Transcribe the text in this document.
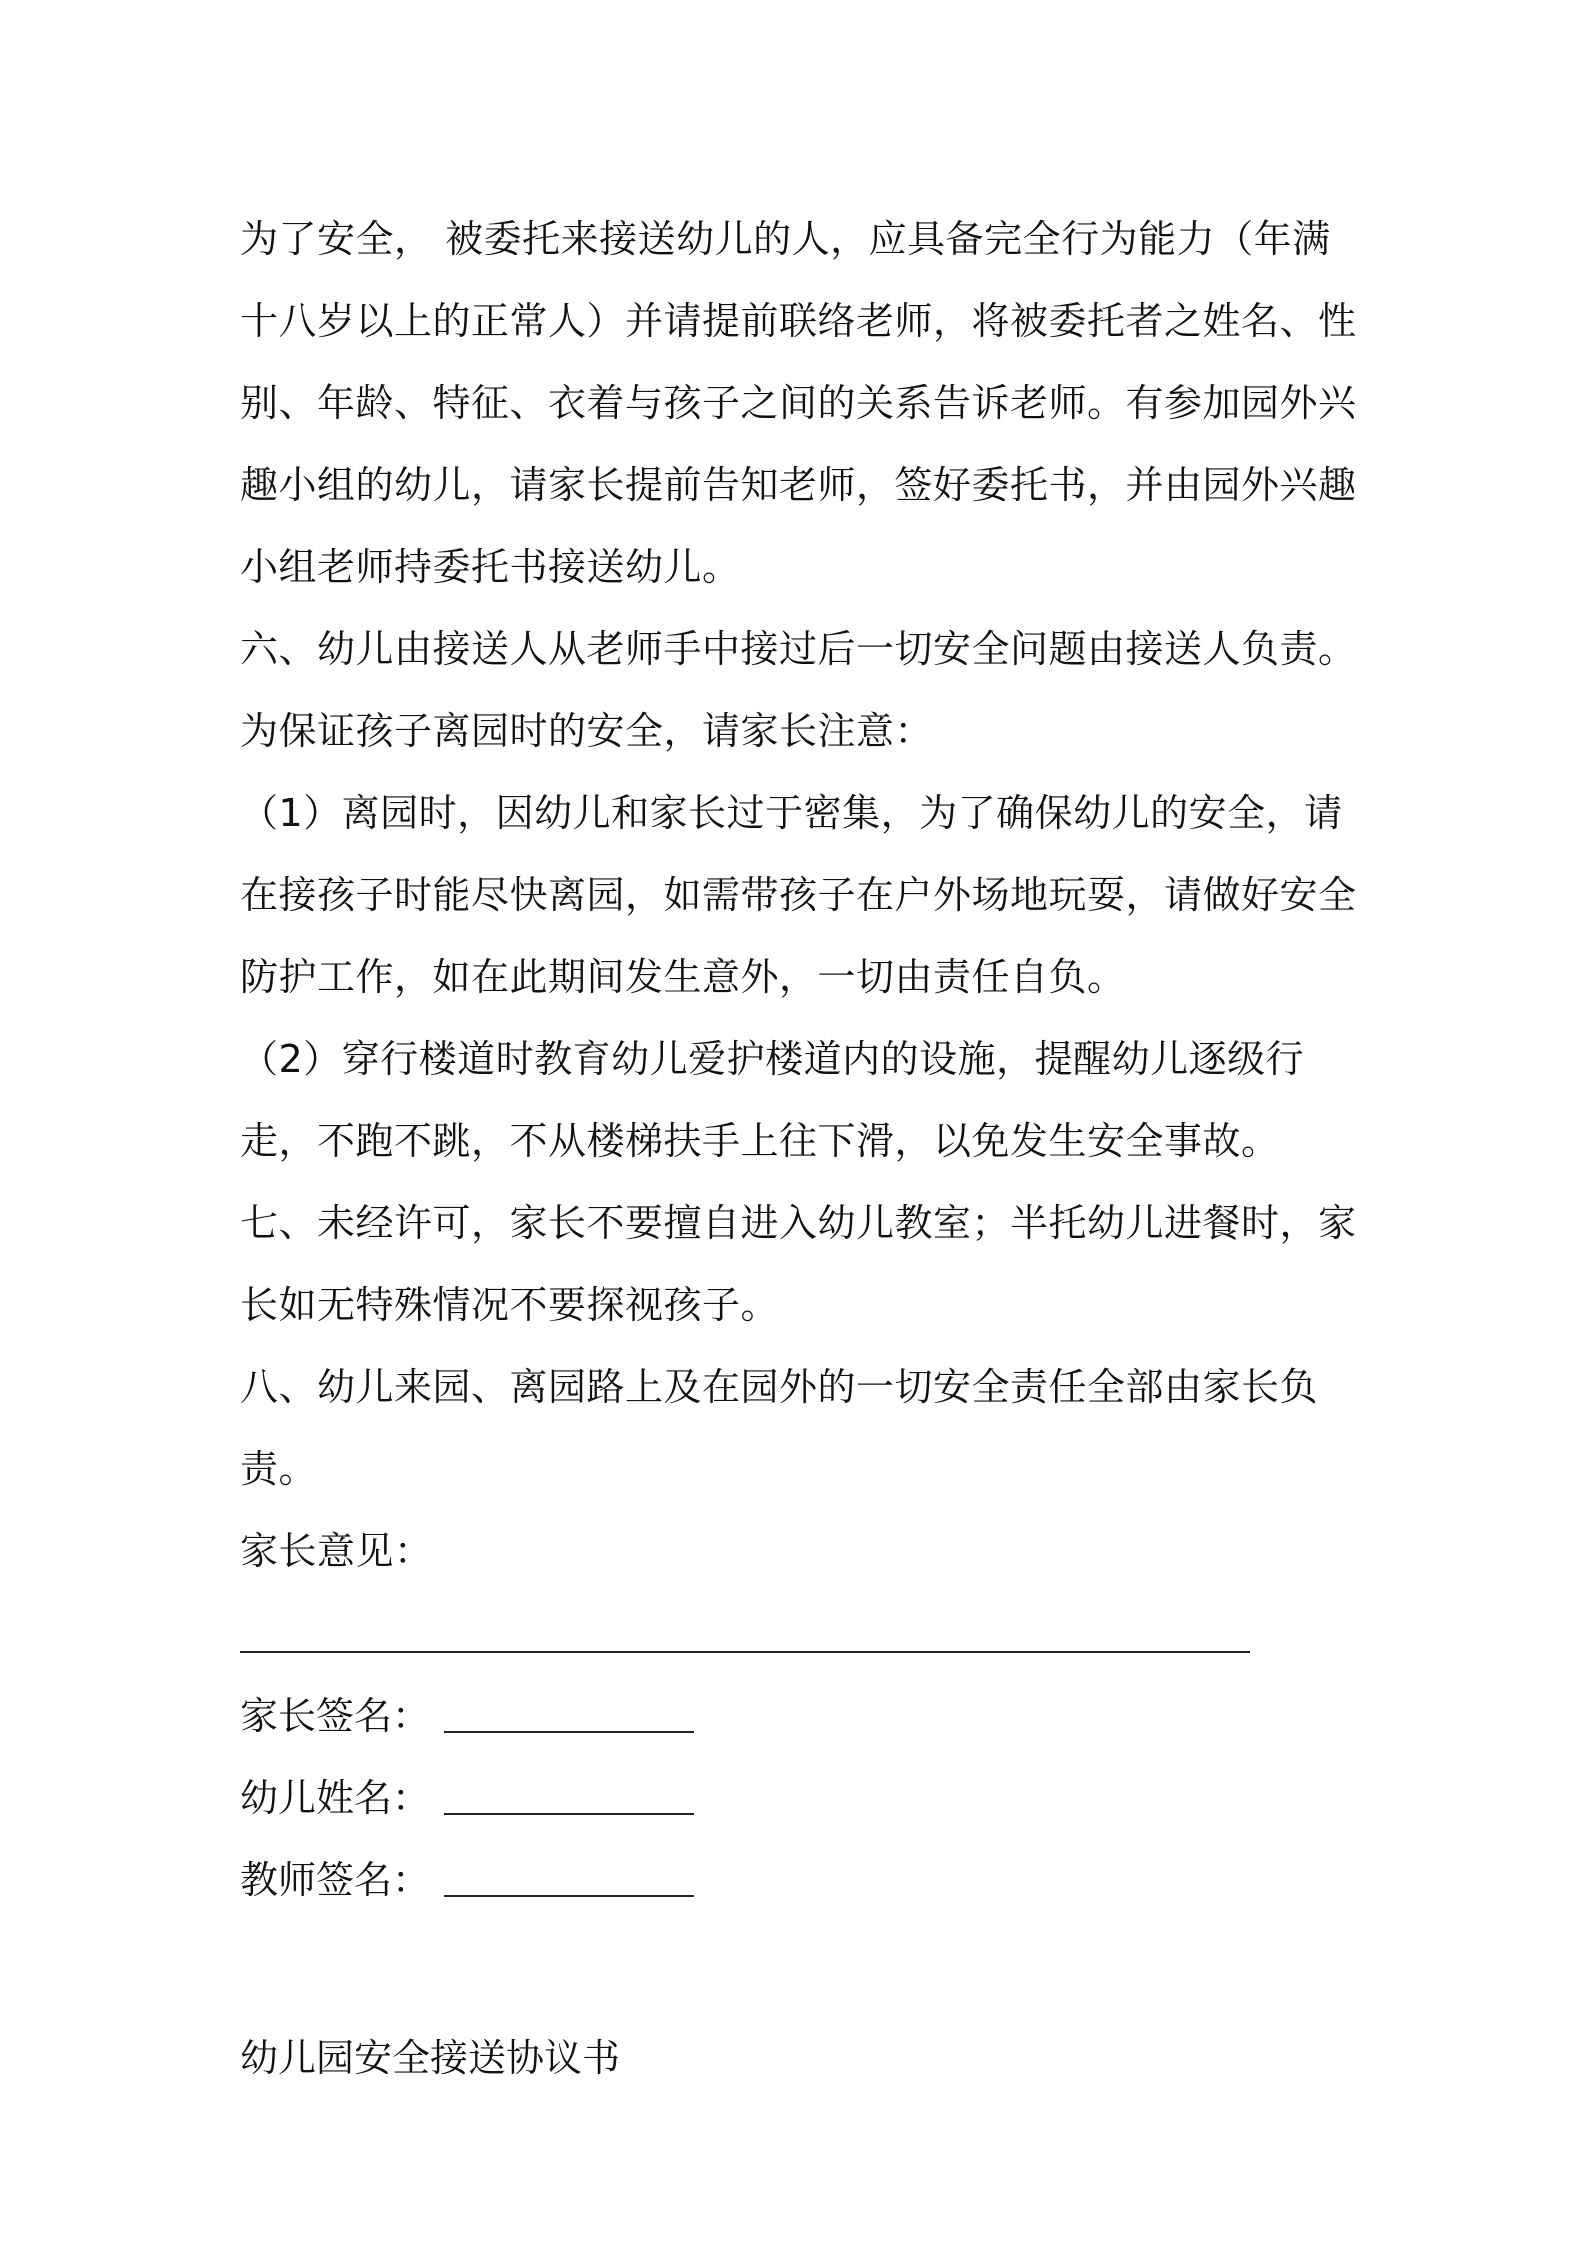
为了安全， 被委托来接送幼儿的人，应具备完全行为能力（年满十八岁以上的正常人）并请提前联络老师，将被委托者之姓名、性别、年龄、特征、衣着与孩子之间的关系告诉老师。有参加园外兴趣小组的幼儿，请家长提前告知老师，签好委托书，并由园外兴趣小组老师持委托书接送幼儿。

六、幼儿由接送人从老师手中接过后一切安全问题由接送人负责。

为保证孩子离园时的安全，请家长注意：

（1）离园时，因幼儿和家长过于密集，为了确保幼儿的安全，请在接孩子时能尽快离园，如需带孩子在户外场地玩耍，请做好安全防护工作，如在此期间发生意外，一切由责任自负。

（2）穿行楼道时教育幼儿爱护楼道内的设施，提醒幼儿逐级行走，不跑不跳，不从楼梯扶手上往下滑，以免发生安全事故。

七、未经许可，家长不要擅自进入幼儿教室；半托幼儿进餐时，家长如无特殊情况不要探视孩子。

八、幼儿来园、离园路上及在园外的一切安全责任全部由家长负责。

家长意见：

家长签名：
幼儿姓名：
教师签名：
幼儿园安全接送协议书
